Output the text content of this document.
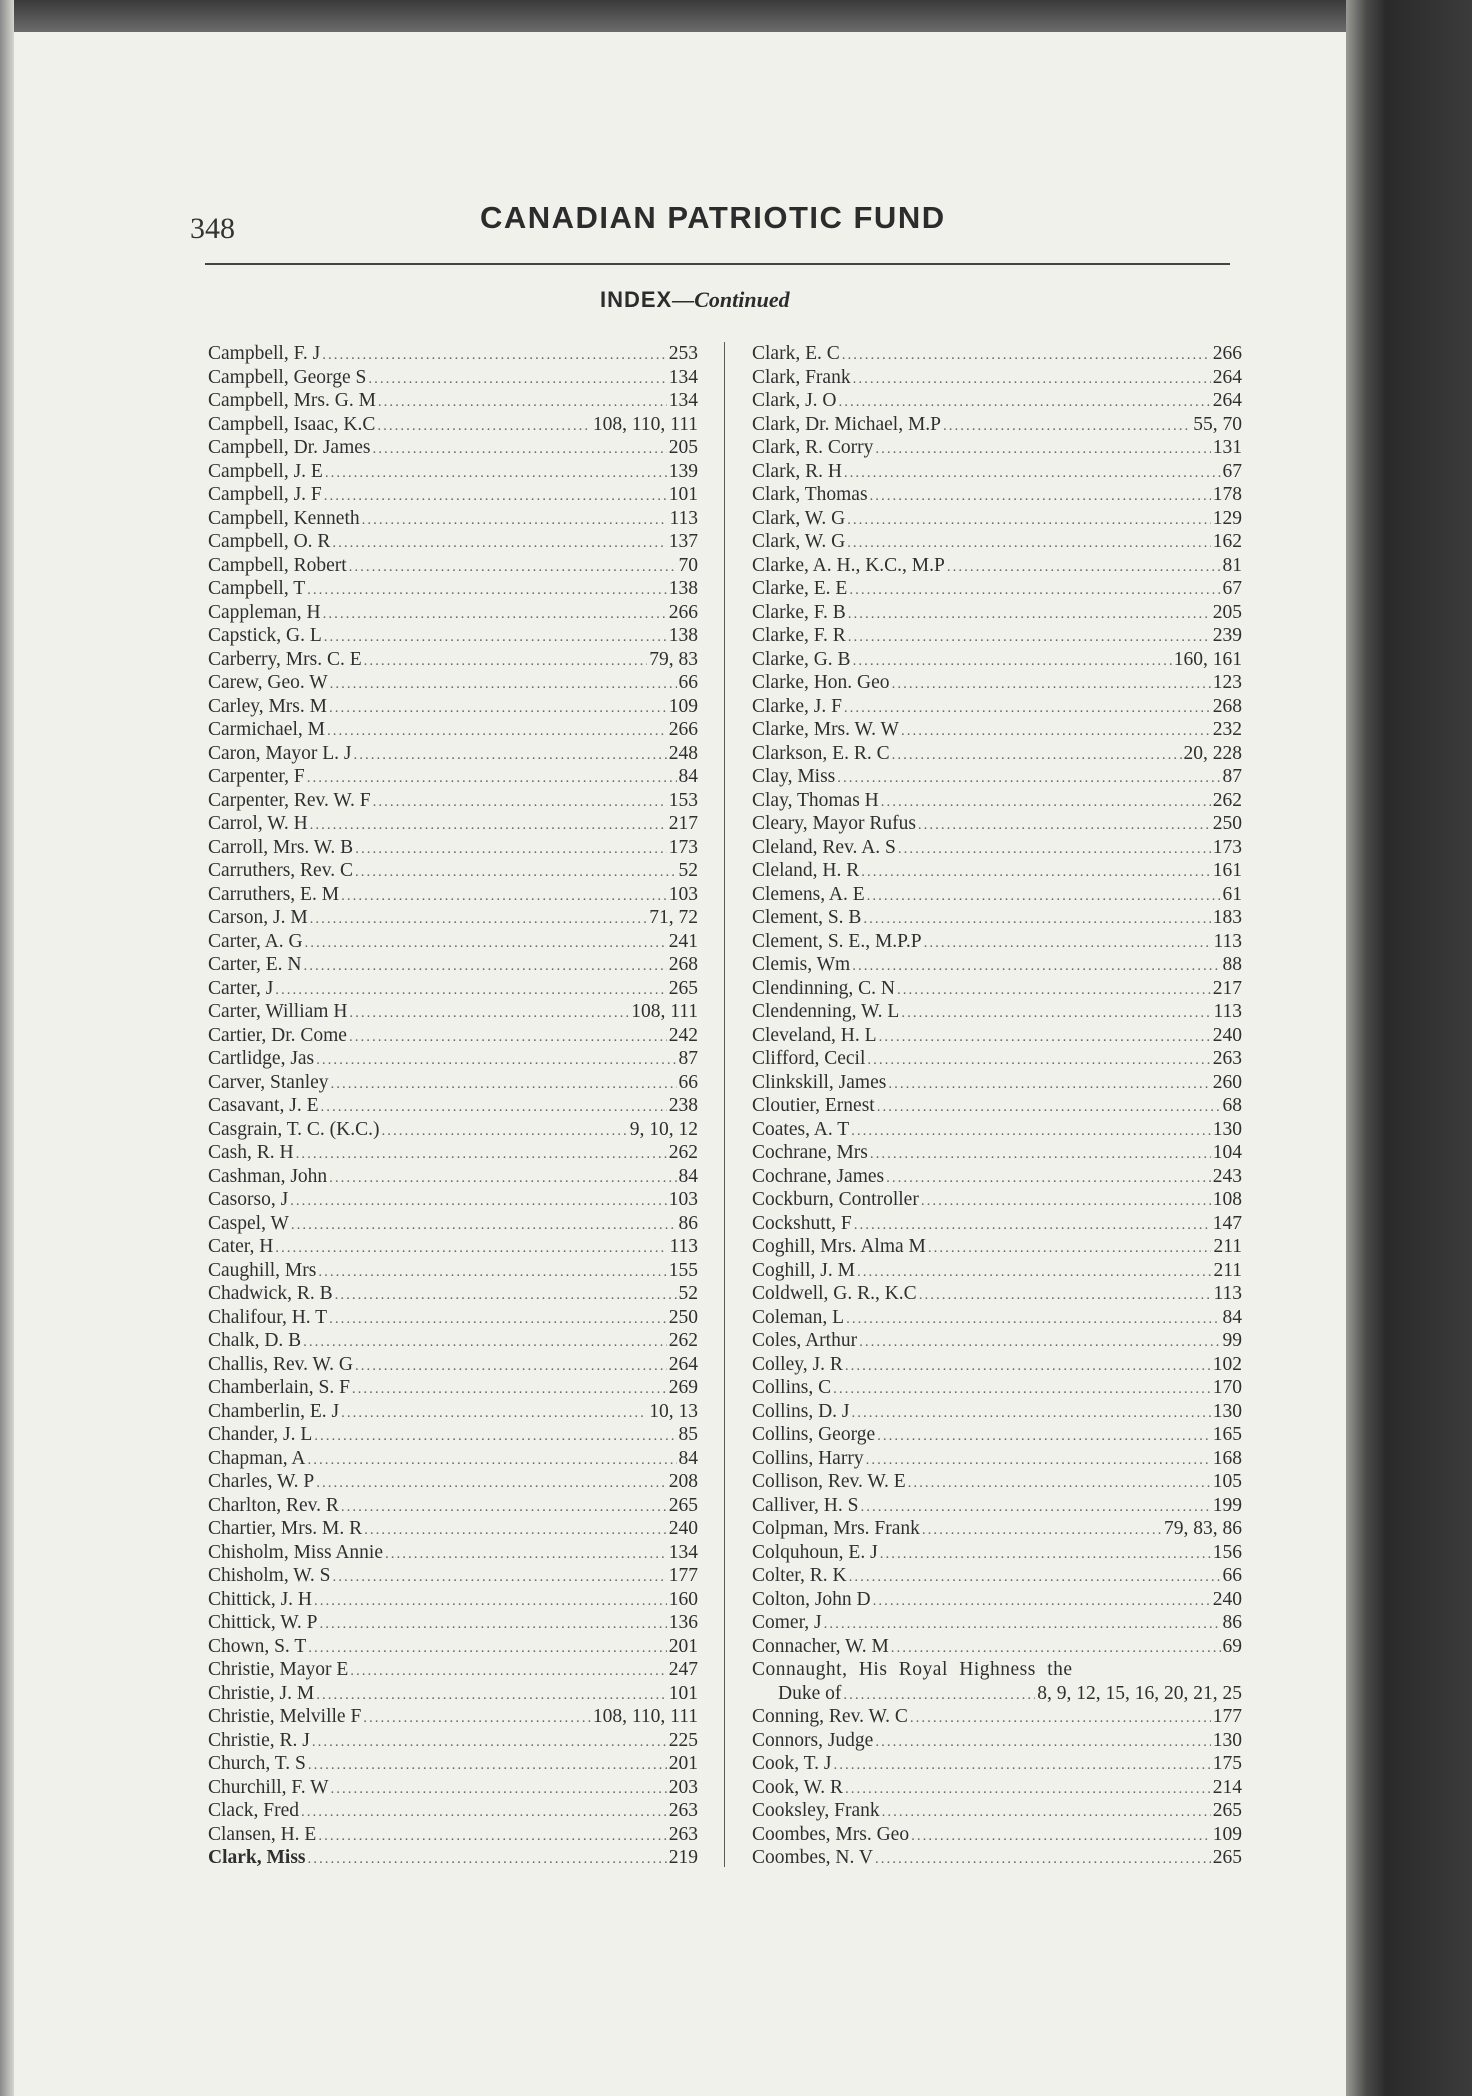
348	CANADIAN PATRIOTIC FUND
INDEX—Continued
Campbell, F. J .....	253
Campbell, George S .....	134
Campbell, Mrs. G. M .....	134
Campbell, Isaac, K.C .....	108, 110, 111
Campbell, Dr. James .....	205
Campbell, J. E .....	139
Campbell, J. F .....	101
Campbell, Kenneth .....	113
Campbell, O. R .....	137
Campbell, Robert .....	70
Campbell, T .....	138
Cappleman, H .....	266
Capstick, G. L .....	138
Carberry, Mrs. C. E .....	79, 83
Carew, Geo. W .....	66
Carley, Mrs. M .....	109
Carmichael, M .....	266
Caron, Mayor L. J .....	248
Carpenter, F .....	84
Carpenter, Rev. W. F .....	153
Carrol, W. H .....	217
Carroll, Mrs. W. B .....	173
Carruthers, Rev. C .....	52
Carruthers, E. M .....	103
Carson, J. M .....	71, 72
Carter, A. G .....	241
Carter, E. N .....	268
Carter, J .....	265
Carter, William H .....	108, 111
Cartier, Dr. Come .....	242
Cartlidge, Jas .....	87
Carver, Stanley .....	66
Casavant, J. E .....	238
Casgrain, T. C. (K.C.) .....	9, 10, 12
Cash, R. H .....	262
Cashman, John .....	84
Casorso, J .....	103
Caspel, W .....	86
Cater, H .....	113
Caughill, Mrs .....	155
Chadwick, R. B .....	52
Chalifour, H. T .....	250
Chalk, D. B .....	262
Challis, Rev. W. G .....	264
Chamberlain, S. F .....	269
Chamberlin, E. J .....	10, 13
Chander, J. L .....	85
Chapman, A .....	84
Charles, W. P .....	208
Charlton, Rev. R .....	265
Chartier, Mrs. M. R .....	240
Chisholm, Miss Annie .....	134
Chisholm, W. S .....	177
Chittick, J. H .....	160
Chittick, W. P .....	136
Chown, S. T .....	201
Christie, Mayor E .....	247
Christie, J. M .....	101
Christie, Melville F .....	108, 110, 111
Christie, R. J .....	225
Church, T. S .....	201
Churchill, F. W .....	203
Clack, Fred .....	263
Clansen, H. E .....	263
Clark, Miss .....	219
Clark, E. C .....	266
Clark, Frank .....	264
Clark, J. O .....	264
Clark, Dr. Michael, M.P .....	55, 70
Clark, R. Corry .....	131
Clark, R. H .....	67
Clark, Thomas .....	178
Clark, W. G .....	129
Clark, W. G .....	162
Clarke, A. H., K.C., M.P .....	81
Clarke, E. E .....	67
Clarke, F. B .....	205
Clarke, F. R .....	239
Clarke, G. B .....	160, 161
Clarke, Hon. Geo .....	123
Clarke, J. F .....	268
Clarke, Mrs. W. W .....	232
Clarkson, E. R. C .....	20, 228
Clay, Miss .....	87
Clay, Thomas H .....	262
Cleary, Mayor Rufus .....	250
Cleland, Rev. A. S .....	173
Cleland, H. R .....	161
Clemens, A. E .....	61
Clement, S. B .....	183
Clement, S. E., M.P.P .....	113
Clemis, Wm .....	88
Clendinning, C. N .....	217
Clendenning, W. L .....	113
Cleveland, H. L .....	240
Clifford, Cecil .....	263
Clinkskill, James .....	260
Cloutier, Ernest .....	68
Coates, A. T .....	130
Cochrane, Mrs .....	104
Cochrane, James .....	243
Cockburn, Controller .....	108
Cockshutt, F .....	147
Coghill, Mrs. Alma M .....	211
Coghill, J. M .....	211
Coldwell, G. R., K.C .....	113
Coleman, L .....	84
Coles, Arthur .....	99
Colley, J. R .....	102
Collins, C .....	170
Collins, D. J .....	130
Collins, George .....	165
Collins, Harry .....	168
Collison, Rev. W. E .....	105
Calliver, H. S .....	199
Colpman, Mrs. Frank .....	79, 83, 86
Colquhoun, E. J .....	156
Colter, R. K .....	66
Colton, John D .....	240
Comer, J .....	86
Connacher, W. M .....	69
Connaught, His Royal Highness the
Duke of .....	8, 9, 12, 15, 16, 20, 21, 25
Conning, Rev. W. C .....	177
Connors, Judge .....	130
Cook, T. J .....	175
Cook, W. R .....	214
Cooksley, Frank .....	265
Coombes, Mrs. Geo .....	109
Coombes, N. V .....	265
